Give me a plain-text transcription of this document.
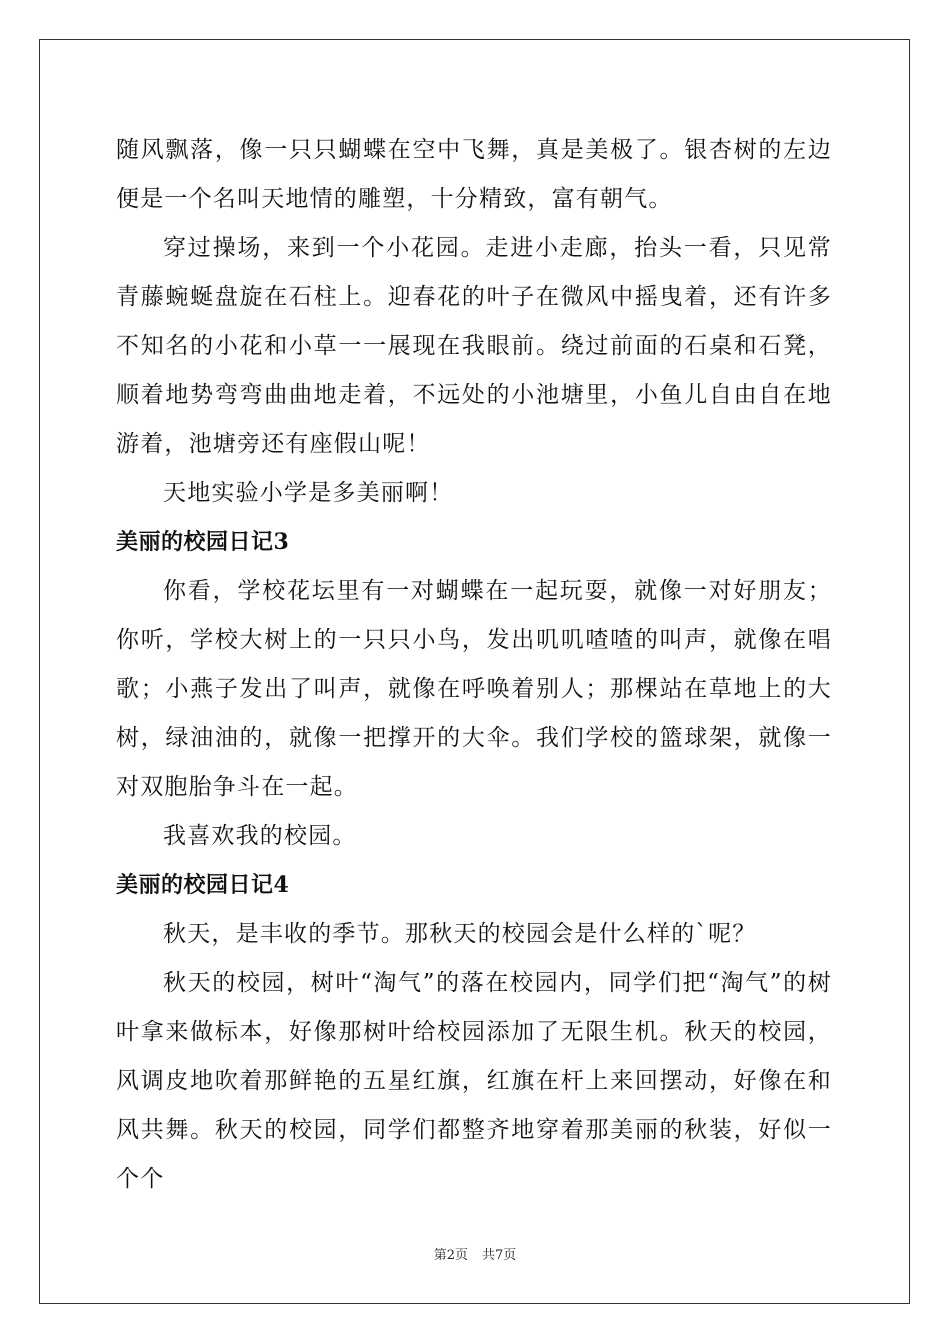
随风飘落，像一只只蝴蝶在空中飞舞，真是美极了。银杏树的左边便是一个名叫天地情的雕塑，十分精致，富有朝气。

穿过操场，来到一个小花园。走进小走廊，抬头一看，只见常青藤蜿蜒盘旋在石柱上。迎春花的叶子在微风中摇曳着，还有许多不知名的小花和小草一一展现在我眼前。绕过前面的石桌和石凳，顺着地势弯弯曲曲地走着，不远处的小池塘里，小鱼儿自由自在地游着，池塘旁还有座假山呢！

天地实验小学是多美丽啊！

美丽的校园日记3

你看，学校花坛里有一对蝴蝶在一起玩耍，就像一对好朋友；你听，学校大树上的一只只小鸟，发出叽叽喳喳的叫声，就像在唱歌；小燕子发出了叫声，就像在呼唤着别人；那棵站在草地上的大树，绿油油的，就像一把撑开的大伞。我们学校的篮球架，就像一对双胞胎争斗在一起。

我喜欢我的校园。

美丽的校园日记4

秋天，是丰收的季节。那秋天的校园会是什么样的`呢？

秋天的校园，树叶“淘气”的落在校园内，同学们把“淘气”的树叶拿来做标本，好像那树叶给校园添加了无限生机。秋天的校园，风调皮地吹着那鲜艳的五星红旗，红旗在杆上来回摆动，好像在和风共舞。秋天的校园，同学们都整齐地穿着那美丽的秋装，好似一个个

第2页 共7页
